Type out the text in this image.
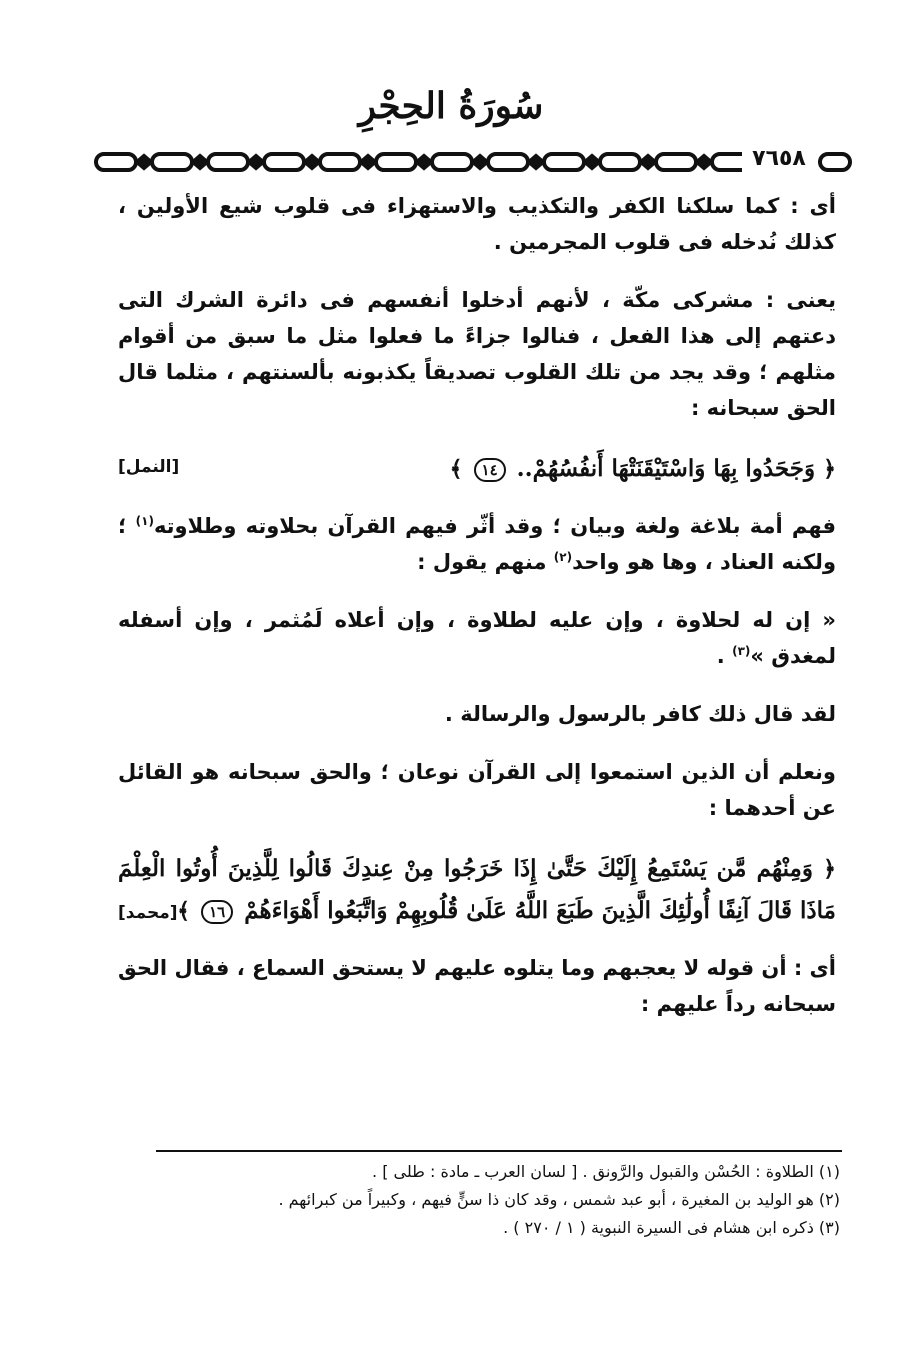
سُورَةُ الحِجْرِ
٧٦٥٨

أى : كما سلكنا الكفر والتكذيب والاستهزاء فى قلوب شيع الأولين ، كذلك نُدخله فى قلوب المجرمين .

يعنى : مشركى مكّة ، لأنهم أدخلوا أنفسهم فى دائرة الشرك التى دعتهم إلى هذا الفعل ، فنالوا جزاءً ما فعلوا مثل ما سبق من أقوام مثلهم ؛ وقد يجد من تلك القلوب تصديقاً يكذبونه بألسنتهم ، مثلما قال الحق سبحانه :

﴿ وَجَحَدُوا بِهَا وَاسْتَيْقَنَتْهَا أَنفُسُهُمْ.. ١٤ ﴾
[النمل]

فهم أمة بلاغة ولغة وبيان ؛ وقد أثّر فيهم القرآن بحلاوته وطلاوته$^{(١)}$ ؛ ولكنه العناد ، وها هو واحد$^{(٢)}$ منهم يقول :

« إن له لحلاوة ، وإن عليه لطلاوة ، وإن أعلاه لَمُثمر ، وإن أسفله لمغدق »$^{(٣)}$ .

لقد قال ذلك كافر بالرسول والرسالة .

ونعلم أن الذين استمعوا إلى القرآن نوعان ؛ والحق سبحانه هو القائل عن أحدهما :

﴿ وَمِنْهُم مَّن يَسْتَمِعُ إِلَيْكَ حَتَّىٰ إِذَا خَرَجُوا مِنْ عِندِكَ قَالُوا لِلَّذِينَ أُوتُوا الْعِلْمَ مَاذَا قَالَ آنِفًا أُولَٰئِكَ الَّذِينَ طَبَعَ اللَّهُ عَلَىٰ قُلُوبِهِمْ وَاتَّبَعُوا أَهْوَاءَهُمْ ١٦ ﴾
[محمد]

أى : أن قوله لا يعجبهم وما يتلوه عليهم لا يستحق السماع ، فقال الحق سبحانه رداً عليهم :

(١) الطلاوة : الحُسْن والقبول والرَّونق . [ لسان العرب ـ مادة : طلى ] .

(٢) هو الوليد بن المغيرة ، أبو عبد شمس ، وقد كان ذا سنٍّ فيهم ، وكبيراً من كبرائهم .

(٣) ذكره ابن هشام فى السيرة النبوية ( ١ / ٢٧٠ ) .
